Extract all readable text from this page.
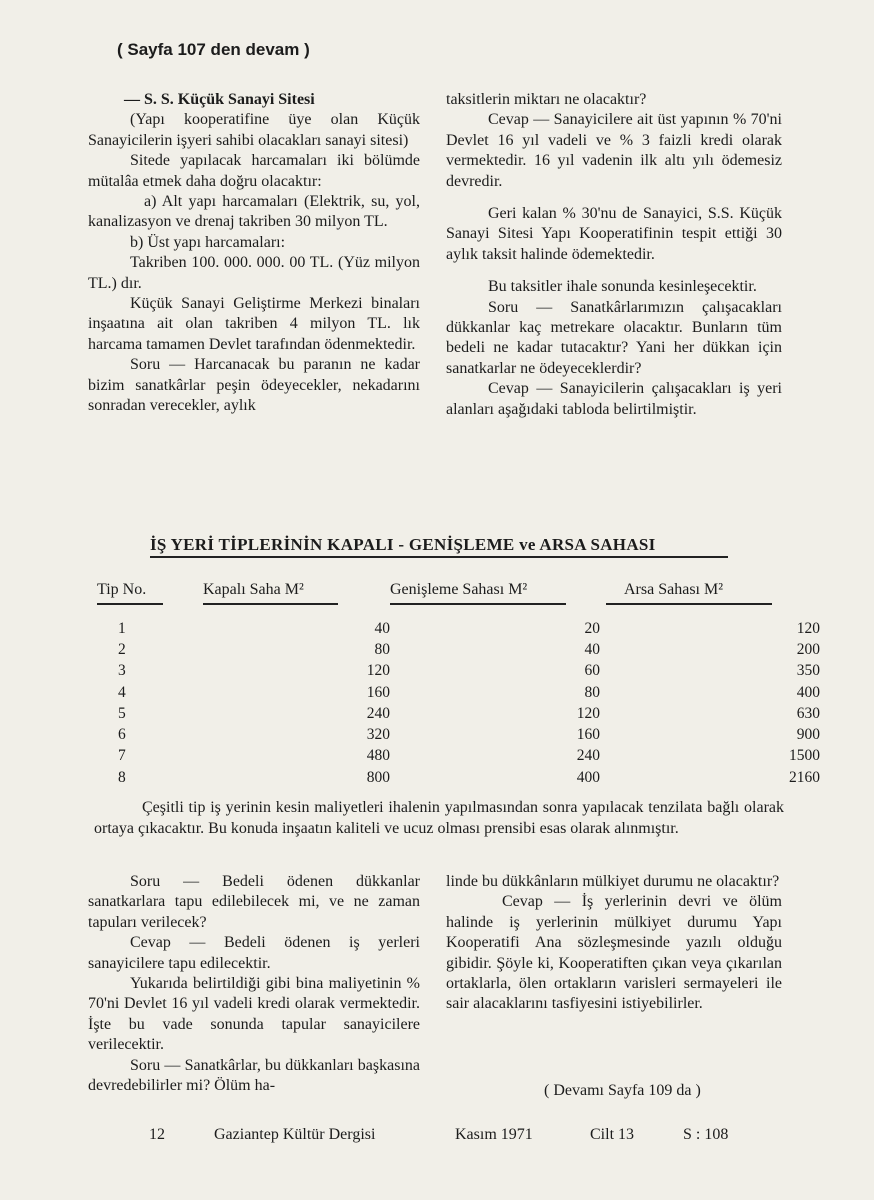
( Sayfa 107 den devam )

— S. S. Küçük Sanayi Sitesi

(Yapı kooperatifine üye olan Küçük Sanayicilerin işyeri sahibi olacakları sanayi sitesi)

Sitede yapılacak harcamaları iki bölümde mütalâa etmek daha doğru olacaktır:

a) Alt yapı harcamaları (Elektrik, su, yol, kanalizasyon ve drenaj takriben 30 milyon TL.

b) Üst yapı harcamaları:

Takriben 100. 000. 000. 00 TL. (Yüz milyon TL.) dır.

Küçük Sanayi Geliştirme Merkezi binaları inşaatına ait olan takriben 4 milyon TL. lık harcama tamamen Devlet tarafından ödenmektedir.

Soru — Harcanacak bu paranın ne kadar bizim sanatkârlar peşin ödeyecekler, nekadarını sonradan verecekler, aylık

taksitlerin miktarı ne olacaktır?

Cevap — Sanayicilere ait üst yapının % 70'ni Devlet 16 yıl vadeli ve % 3 faizli kredi olarak vermektedir. 16 yıl vadenin ilk altı yılı ödemesiz devredir.

Geri kalan % 30'nu de Sanayici, S.S. Küçük Sanayi Sitesi Yapı Kooperatifinin tespit ettiği 30 aylık taksit halinde ödemektedir.

Bu taksitler ihale sonunda kesinleşecektir.

Soru — Sanatkârlarımızın çalışacakları dükkanlar kaç metrekare olacaktır. Bunların tüm bedeli ne kadar tutacaktır? Yani her dükkan için sanatkarlar ne ödeyeceklerdir?

Cevap — Sanayicilerin çalışacakları iş yeri alanları aşağıdaki tabloda belirtilmiştir.

İŞ YERİ TİPLERİNİN KAPALI - GENİŞLEME ve ARSA SAHASI
Tip No.	Kapalı Saha M²	Genişleme Sahası M²	Arsa Sahası M²
1	40	20	120
2	80	40	200
3	120	60	350
4	160	80	400
5	240	120	630
6	320	160	900
7	480	240	1500
8	800	400	2160

Çeşitli tip iş yerinin kesin maliyetleri ihalenin yapılmasından sonra yapılacak tenzilata bağlı olarak ortaya çıkacaktır. Bu konuda inşaatın kaliteli ve ucuz olması prensibi esas olarak alınmıştır.

Soru — Bedeli ödenen dükkanlar sanatkarlara tapu edilebilecek mi, ve ne zaman tapuları verilecek?

Cevap — Bedeli ödenen iş yerleri sanayicilere tapu edilecektir.

Yukarıda belirtildiği gibi bina maliyetinin % 70'ni Devlet 16 yıl vadeli kredi olarak vermektedir. İşte bu vade sonunda tapular sanayicilere verilecektir.

Soru — Sanatkârlar, bu dükkanları başkasına devredebilirler mi? Ölüm ha-

linde bu dükkânların mülkiyet durumu ne olacaktır?

Cevap — İş yerlerinin devri ve ölüm halinde iş yerlerinin mülkiyet durumu Yapı Kooperatifi Ana sözleşmesinde yazılı olduğu gibidir. Şöyle ki, Kooperatiften çıkan veya çıkarılan ortaklarla, ölen ortakların varisleri sermayeleri ile sair alacaklarını tasfiyesini istiyebilirler.

( Devamı Sayfa 109 da )
12	Gaziantep Kültür Dergisi	Kasım 1971	Cilt 13	S : 108
